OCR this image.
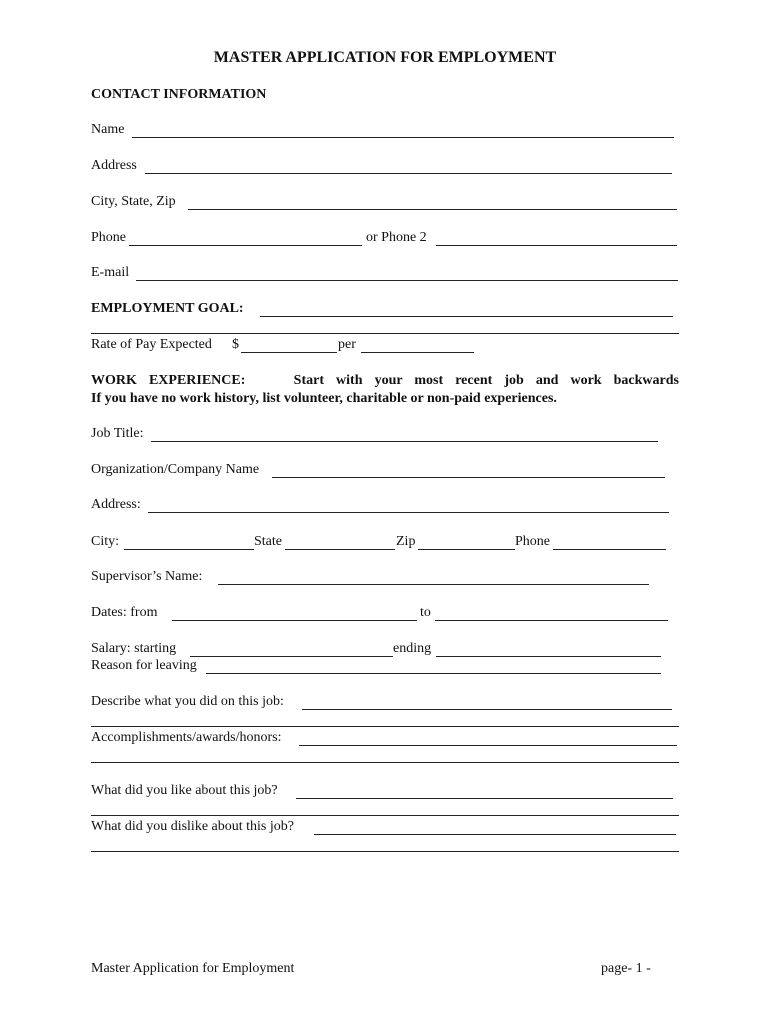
MASTER APPLICATION FOR EMPLOYMENT
CONTACT INFORMATION
Name
Address
City, State, Zip
Phone	or Phone 2
E-mail
EMPLOYMENT GOAL:
Rate of Pay Expected $	per
WORK EXPERIENCE:	Start with your most recent job and work backwards
If you have no work history, list volunteer, charitable or non-paid experiences.
Job Title:
Organization/Company Name
Address:
City:	State	Zip	Phone
Supervisor’s Name:
Dates: from	to
Salary: starting	ending
Reason for leaving
Describe what you did on this job:
Accomplishments/awards/honors:
What did you like about this job?
What did you dislike about this job?
Master Application for Employment	page- 1 -
